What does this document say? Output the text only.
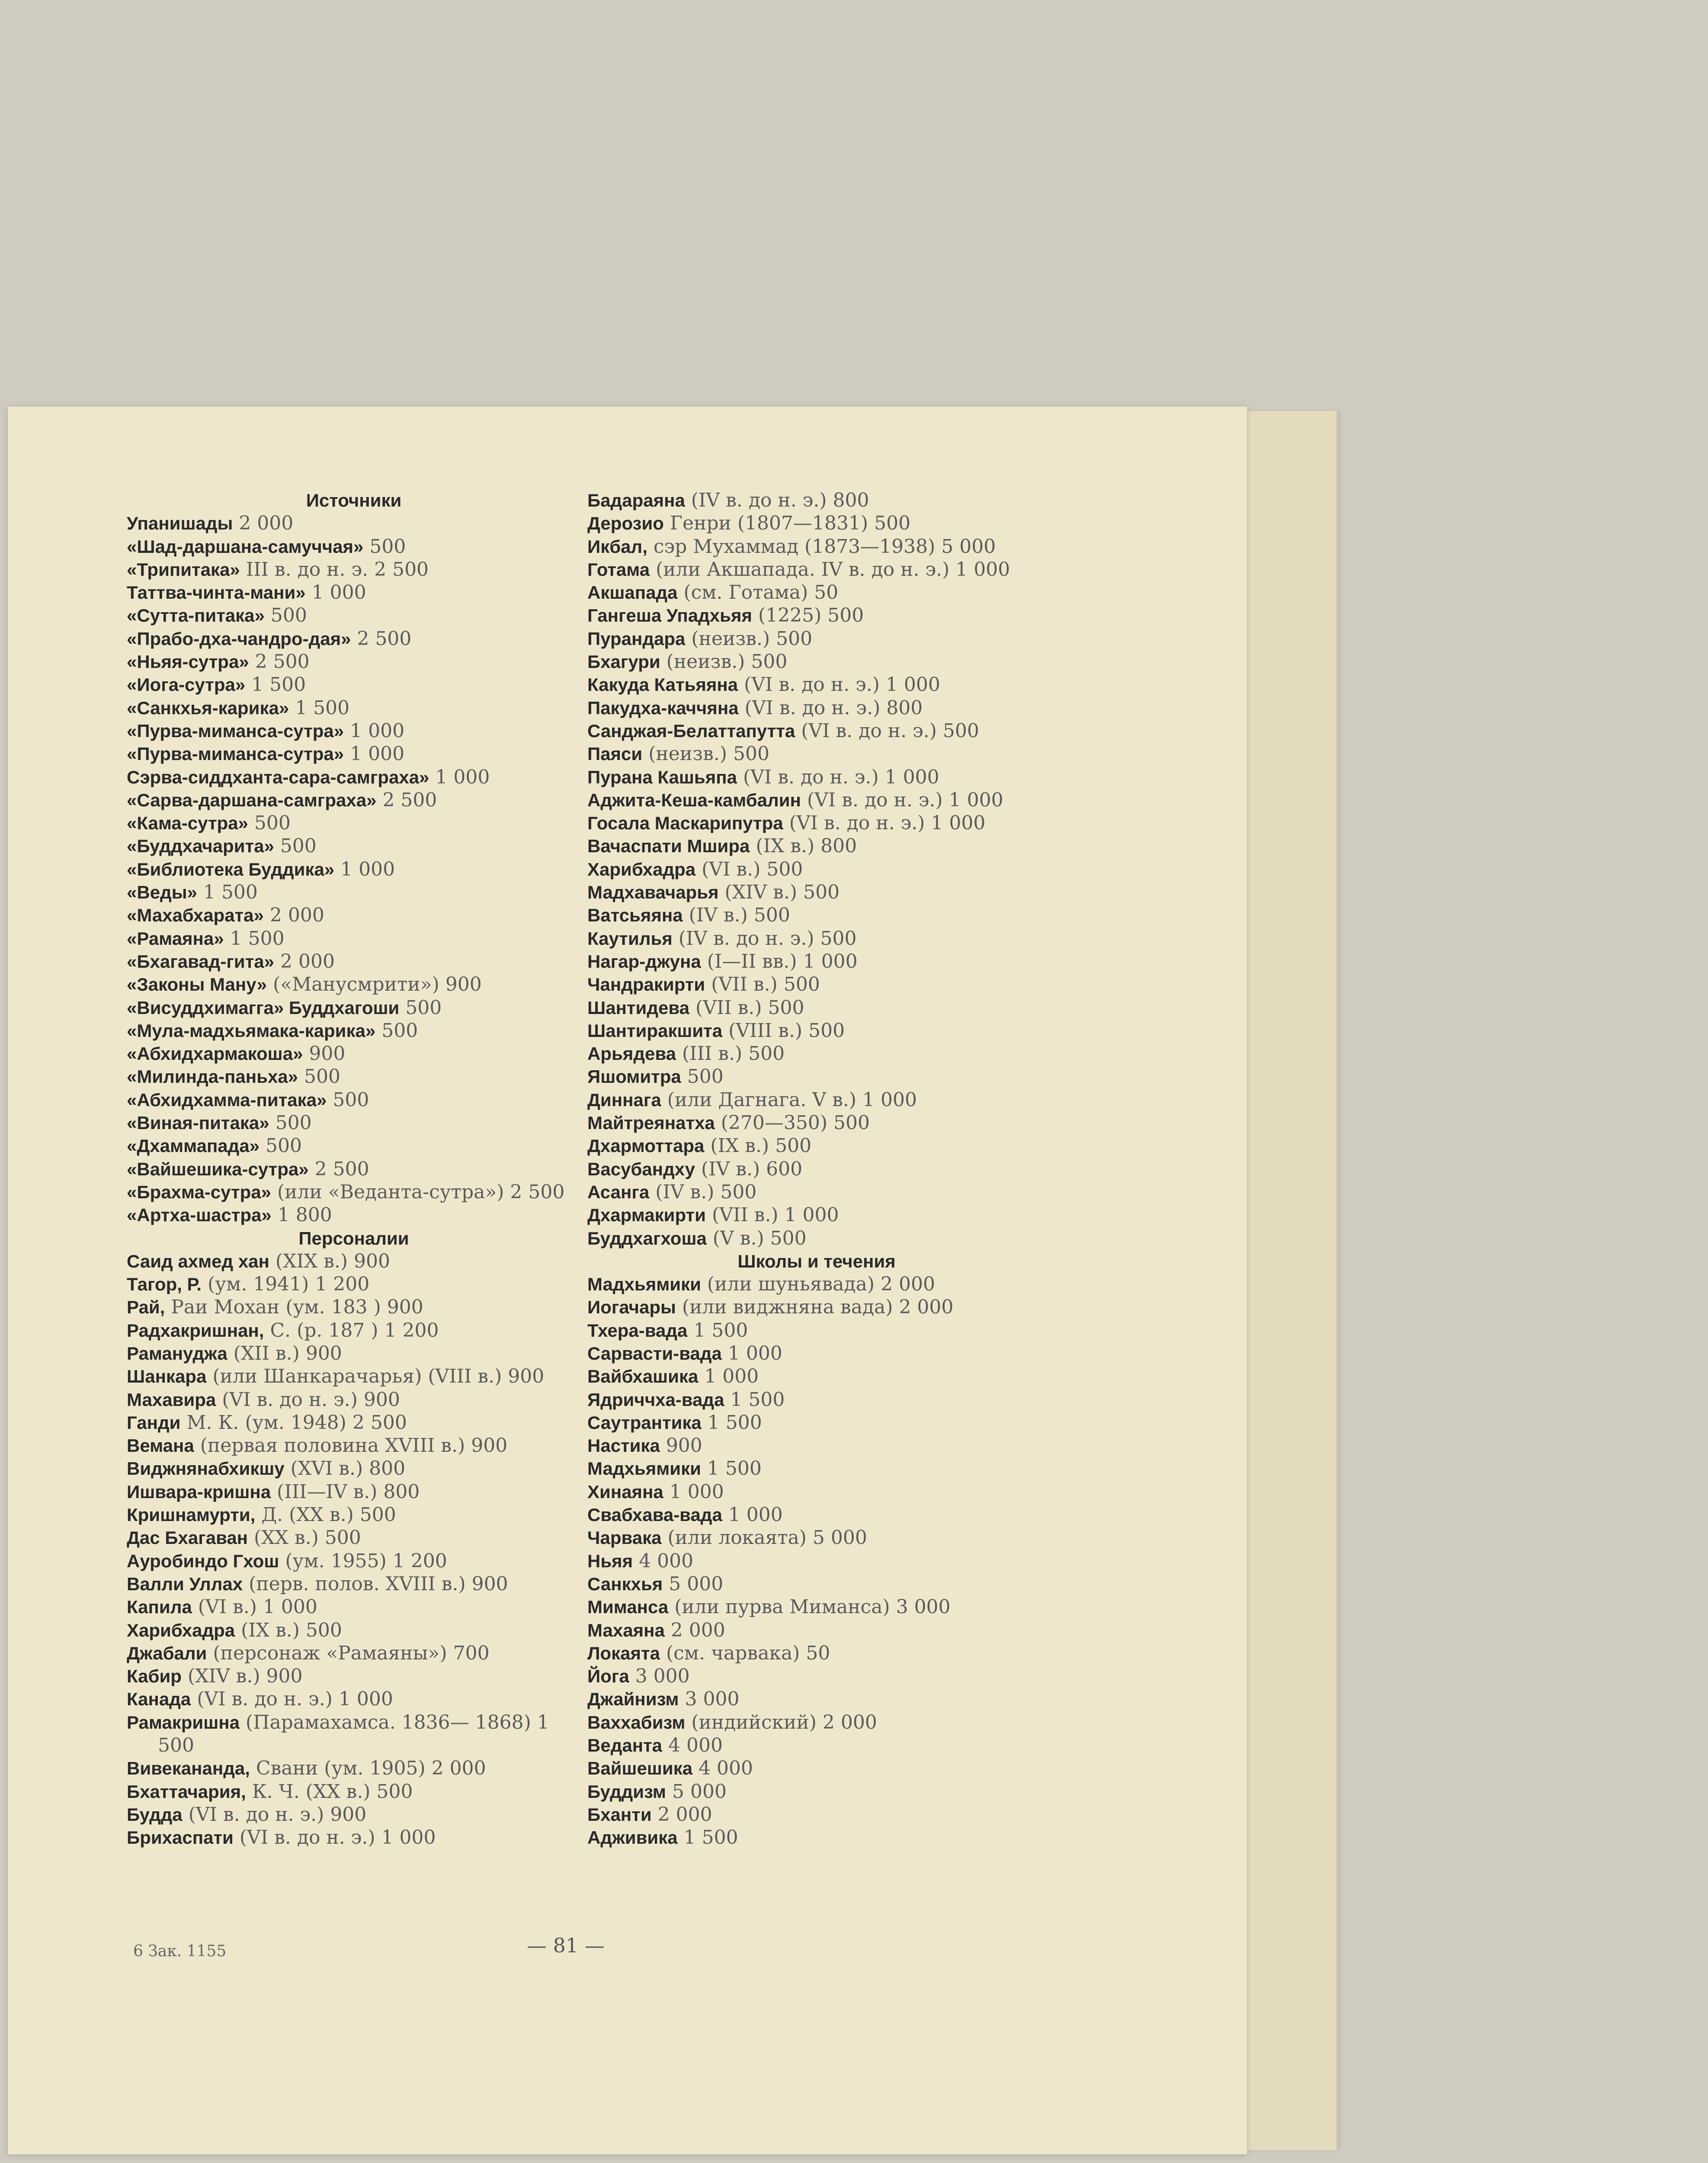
Источники
Упанишады 2 000
«Шад-даршана-самуччая» 500
«Трипитака» III в. до н. э. 2 500
Таттва-чинта-мани» 1 000
«Сутта-питака» 500
«Прабо-дха-чандро-дая» 2 500
«Ньяя-сутра» 2 500
«Иога-сутра» 1 500
«Санкхья-карика» 1 500
«Пурва-миманса-сутра» 1 000
«Пурва-миманса-сутра» 1 000
Сэрва-сиддханта-сара-самграха» 1 000
«Сарва-даршана-самграха» 2 500
«Кама-сутра» 500
«Буддхачарита» 500
«Библиотека Буддика» 1 000
«Веды» 1 500
«Махабхарата» 2 000
«Рамаяна» 1 500
«Бхагавад-гита» 2 000
«Законы Ману» («Манусмрити») 900
«Висуддхимагга» Буддхагоши 500
«Мула-мадхьямака-карика» 500
«Абхидхармакоша» 900
«Милинда-паньха» 500
«Абхидхамма-питака» 500
«Виная-питака» 500
«Дхаммапада» 500
«Вайшешика-сутра» 2 500
«Брахма-сутра» (или «Веданта-сутра») 2 500
«Артха-шастра» 1 800
Персоналии
Саид ахмед хан (XIX в.) 900
Тагор, Р. (ум. 1941) 1 200
Рай, Раи Мохан (ум. 183 ) 900
Радхакришнан, С. (р. 187 ) 1 200
Рамануджа (XII в.) 900
Шанкара (или Шанкарачарья) (VIII в.) 900
Махавира (VI в. до н. э.) 900
Ганди М. К. (ум. 1948) 2 500
Вемана (первая половина XVIII в.) 900
Виджнянабхикшу (XVI в.) 800
Ишвара-кришна (III—IV в.) 800
Кришнамурти, Д. (XX в.) 500
Дас Бхагаван (XX в.) 500
Ауробиндо Гхош (ум. 1955) 1 200
Валли Уллах (перв. полов. XVIII в.) 900
Капила (VI в.) 1 000
Харибхадра (IX в.) 500
Джабали (персонаж «Рамаяны») 700
Кабир (XIV в.) 900
Канада (VI в. до н. э.) 1 000
Рамакришна (Парамахамса. 1836— 1868) 1 500
Вивекананда, Свани (ум. 1905) 2 000
Бхаттачария, К. Ч. (XX в.) 500
Будда (VI в. до н. э.) 900
Брихаспати (VI в. до н. э.) 1 000
Бадараяна (IV в. до н. э.) 800
Дерозио Генри (1807—1831) 500
Икбал, сэр Мухаммад (1873—1938) 5 000
Готама (или Акшапада. IV в. до н. э.) 1 000
Акшапада (см. Готама) 50
Гангеша Упадхьяя (1225) 500
Пурандара (неизв.) 500
Бхагури (неизв.) 500
Какуда Катьяяна (VI в. до н. э.) 1 000
Пакудха-каччяна (VI в. до н. э.) 800
Санджая-Белаттапутта (VI в. до н. э.) 500
Паяси (неизв.) 500
Пурана Кашьяпа (VI в. до н. э.) 1 000
Аджита-Кеша-камбалин (VI в. до н. э.) 1 000
Госала Маскарипутра (VI в. до н. э.) 1 000
Вачаспати Мшира (IX в.) 800
Харибхадра (VI в.) 500
Мадхавачарья (XIV в.) 500
Ватсьяяна (IV в.) 500
Каутилья (IV в. до н. э.) 500
Нагар-джуна (I—II вв.) 1 000
Чандракирти (VII в.) 500
Шантидева (VII в.) 500
Шантиракшита (VIII в.) 500
Арьядева (III в.) 500
Яшомитра 500
Диннага (или Дагнага. V в.) 1 000
Майтреянатха (270—350) 500
Дхармоттара (IX в.) 500
Васубандху (IV в.) 600
Асанга (IV в.) 500
Дхармакирти (VII в.) 1 000
Буддхагхоша (V в.) 500
Школы и течения
Мадхьямики (или шуньявада) 2 000
Иогачары (или виджняна вада) 2 000
Тхера-вада 1 500
Сарвасти-вада 1 000
Вайбхашика 1 000
Ядриччха-вада 1 500
Саутрантика 1 500
Настика 900
Мадхьямики 1 500
Хинаяна 1 000
Свабхава-вада 1 000
Чарвака (или локаята) 5 000
Ньяя 4 000
Санкхья 5 000
Миманса (или пурва Миманса) 3 000
Махаяна 2 000
Локаята (см. чарвака) 50
Йога 3 000
Джайнизм 3 000
Ваххабизм (индийский) 2 000
Веданта 4 000
Вайшешика 4 000
Буддизм 5 000
Бханти 2 000
Адживика 1 500
6 Зак. 1155	— 81 —
